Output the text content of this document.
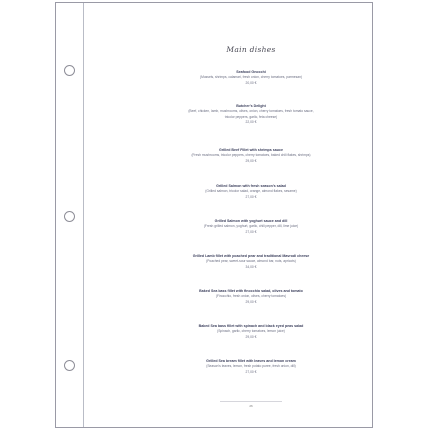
Main dishes
Seafood Gnocchi
(Mussels, shrimps, calamari, fresh onion, cherry tomatoes, parmesan)
20,00 €
Butcher's Delight
(Beef, chicken, lamb, mushrooms, olives, onion, cherry tomatoes, fresh tomato sauce,
tricolor peppers, garlic, feta cheese)
22,00 €
Grilled Beef Fillet with shrimps sauce
(Fresh mushrooms, tricolor peppers, cherry tomatoes, baked chili flakes, shrimps)
29,00 €
Grilled Salmon with fresh season's salad
(Grilled salmon, tricolor salad, orange, almond flakes, sesame)
27,00 €
Grilled Salmon with yoghurt sauce and dill
(Fresh grilled salmon, yoghurt, garlic, chili pepper, dill, lime juice)
27,00 €
Grilled Lamb fillet with poached pear and traditional Mavrodi cheese
(Poached pear, sweet-sour sauce, almond bar, nuts, apricots)
34,00 €
Baked Sea bass fillet with finocchio salad, olives and tomato
(Finocchio, fresh onion, olives, cherry tomatoes)
29,00 €
Baked Sea bass fillet with spinach and black eyed peas salad
(Spinach, garlic, cherry tomatoes, lemon juice)
29,00 €
Grilled Sea bream fillet with leaves and lemon cream
(Season's leaves, lemon, fresh potato puree, fresh onion, dill)
27,00 €
26
